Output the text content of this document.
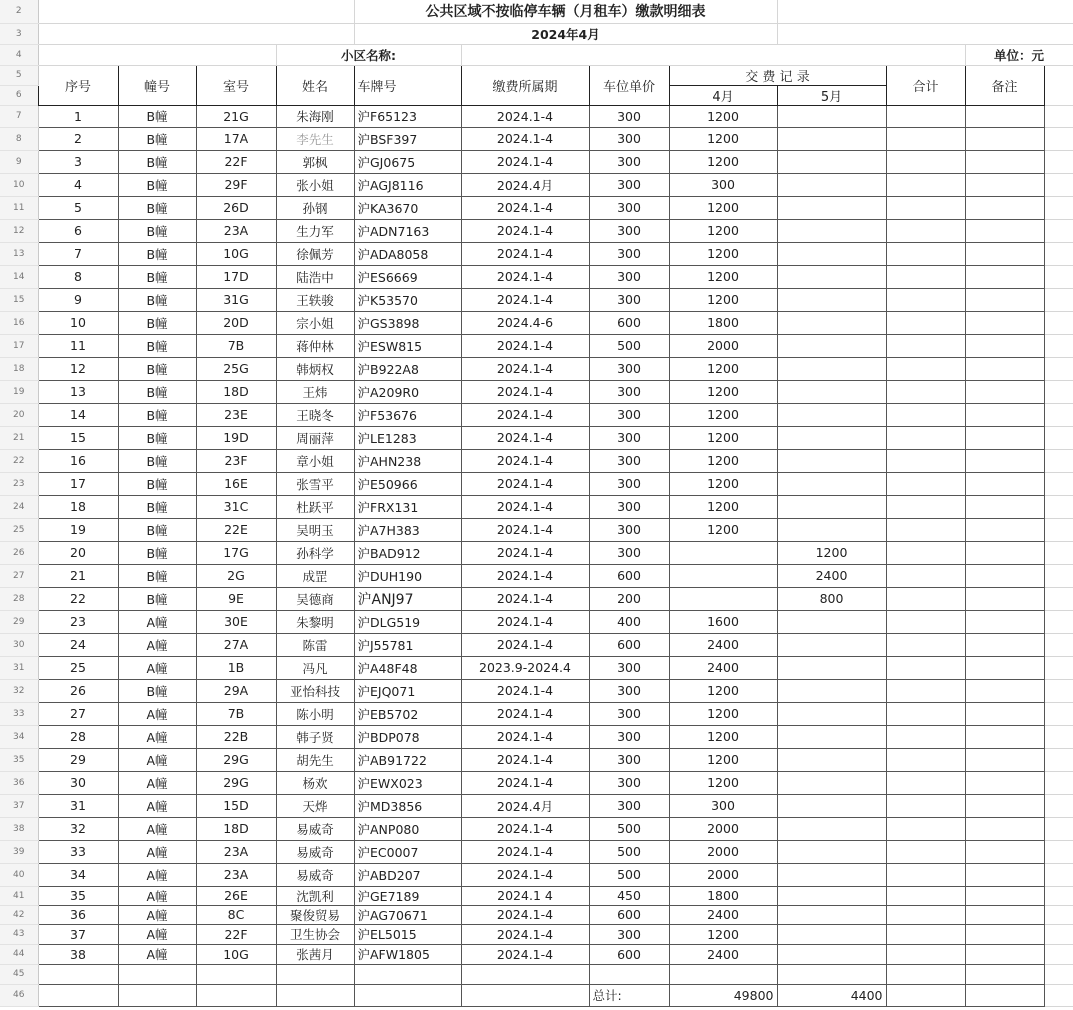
2					公共区域不按临停车辆（月租车）缴款明细表							
3					2024年4月							
4				小区名称:							单位：元	
5	序号	幢号	室号	姓名	车牌号	缴费所属期	车位单价	交 费 记 录		合计	备注	
6								4月	5月			
7	1	B幢	21G	朱海刚	沪F65123	2024.1-4	300	1200				
8	2	B幢	17A	李先生	沪BSF397	2024.1-4	300	1200				
9	3	B幢	22F	郭枫	沪GJ0675	2024.1-4	300	1200				
10	4	B幢	29F	张小姐	沪AGJ8116	2024.4月	300	300				
11	5	B幢	26D	孙钢	沪KA3670	2024.1-4	300	1200				
12	6	B幢	23A	生力军	沪ADN7163	2024.1-4	300	1200				
13	7	B幢	10G	徐佩芳	沪ADA8058	2024.1-4	300	1200				
14	8	B幢	17D	陆浩中	沪ES6669	2024.1-4	300	1200				
15	9	B幢	31G	王轶骏	沪K53570	2024.1-4	300	1200				
16	10	B幢	20D	宗小姐	沪GS3898	2024.4-6	600	1800				
17	11	B幢	7B	蒋仲林	沪ESW815	2024.1-4	500	2000				
18	12	B幢	25G	韩炳权	沪B922A8	2024.1-4	300	1200				
19	13	B幢	18D	王炜	沪A209R0	2024.1-4	300	1200				
20	14	B幢	23E	王晓冬	沪F53676	2024.1-4	300	1200				
21	15	B幢	19D	周丽萍	沪LE1283	2024.1-4	300	1200				
22	16	B幢	23F	章小姐	沪AHN238	2024.1-4	300	1200				
23	17	B幢	16E	张雪平	沪E50966	2024.1-4	300	1200				
24	18	B幢	31C	杜跃平	沪FRX131	2024.1-4	300	1200				
25	19	B幢	22E	吴明玉	沪A7H383	2024.1-4	300	1200				
26	20	B幢	17G	孙科学	沪BAD912	2024.1-4	300		1200			
27	21	B幢	2G	成罡	沪DUH190	2024.1-4	600		2400			
28	22	B幢	9E	吴德商	沪ANJ97	2024.1-4	200		800			
29	23	A幢	30E	朱黎明	沪DLG519	2024.1-4	400	1600				
30	24	A幢	27A	陈雷	沪J55781	2024.1-4	600	2400				
31	25	A幢	1B	冯凡	沪A48F48	2023.9-2024.4	300	2400				
32	26	B幢	29A	亚怡科技	沪EJQ071	2024.1-4	300	1200				
33	27	A幢	7B	陈小明	沪EB5702	2024.1-4	300	1200				
34	28	A幢	22B	韩子贤	沪BDP078	2024.1-4	300	1200				
35	29	A幢	29G	胡先生	沪AB91722	2024.1-4	300	1200				
36	30	A幢	29G	杨欢	沪EWX023	2024.1-4	300	1200				
37	31	A幢	15D	天烨	沪MD3856	2024.4月	300	300				
38	32	A幢	18D	易威奇	沪ANP080	2024.1-4	500	2000				
39	33	A幢	23A	易威奇	沪EC0007	2024.1-4	500	2000				
40	34	A幢	23A	易威奇	沪ABD207	2024.1-4	500	2000				
41	35	A幢	26E	沈凯利	沪GE7189	2024.1 4	450	1800				
42	36	A幢	8C	聚俊贸易	沪AG70671	2024.1-4	600	2400				
43	37	A幢	22F	卫生协会	沪EL5015	2024.1-4	300	1200				
44	38	A幢	10G	张茜月	沪AFW1805	2024.1-4	600	2400				
45												
46							总计:	49800	4400			
